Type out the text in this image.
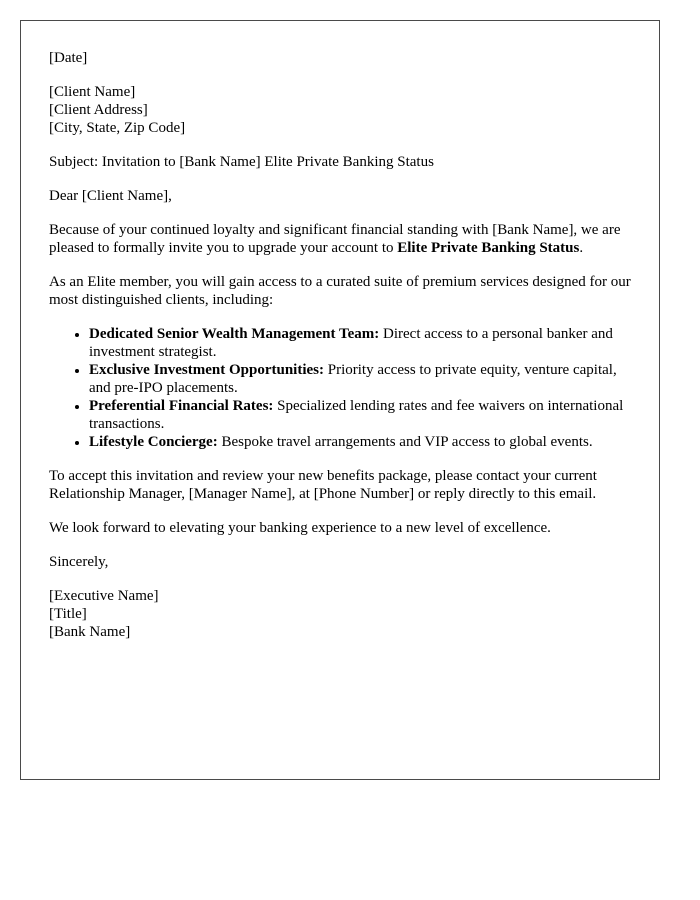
[Date]

[Client Name]
[Client Address]
[City, State, Zip Code]

Subject: Invitation to [Bank Name] Elite Private Banking Status

Dear [Client Name],

Because of your continued loyalty and significant financial standing with [Bank Name], we are pleased to formally invite you to upgrade your account to Elite Private Banking Status.

As an Elite member, you will gain access to a curated suite of premium services designed for our most distinguished clients, including:

• Dedicated Senior Wealth Management Team: Direct access to a personal banker and investment strategist.
• Exclusive Investment Opportunities: Priority access to private equity, venture capital, and pre-IPO placements.
• Preferential Financial Rates: Specialized lending rates and fee waivers on international transactions.
• Lifestyle Concierge: Bespoke travel arrangements and VIP access to global events.

To accept this invitation and review your new benefits package, please contact your current Relationship Manager, [Manager Name], at [Phone Number] or reply directly to this email.

We look forward to elevating your banking experience to a new level of excellence.

Sincerely,

[Executive Name]
[Title]
[Bank Name]
